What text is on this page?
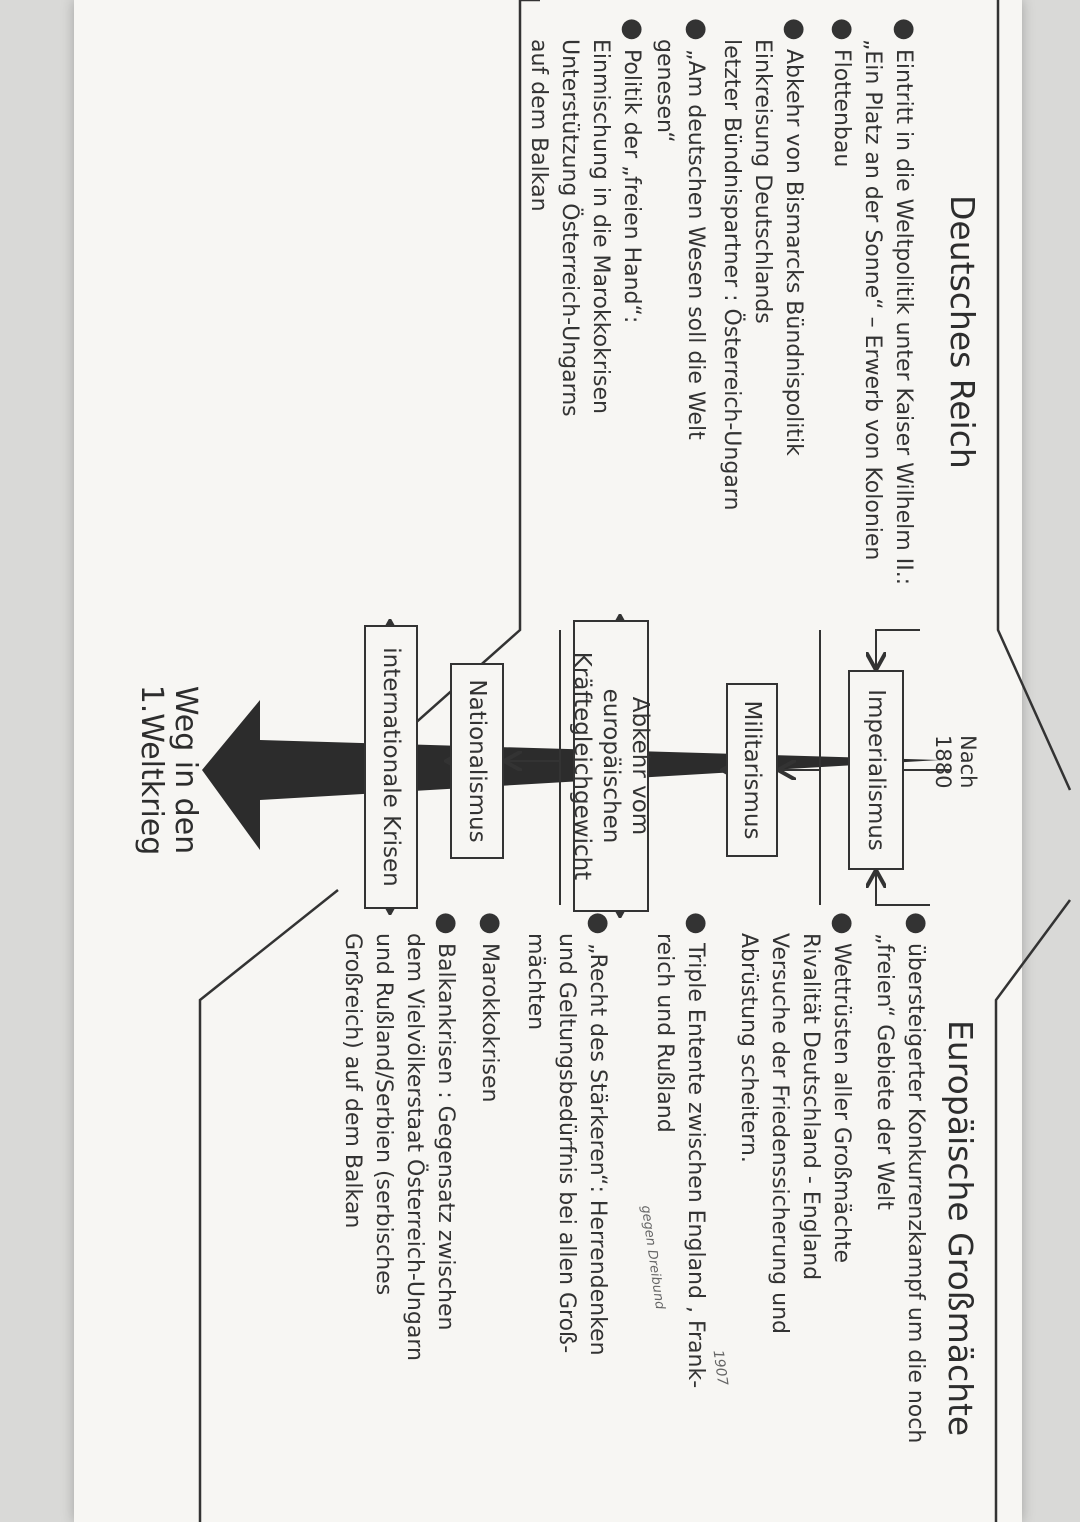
Deutsches Reich
● Eintritt in die Weltpolitik unter Kaiser Wilhelm II.:
„Ein Platz an der Sonne“ – Erwerb von Kolonien
● Flottenbau
● Abkehr von Bismarcks Bündnispolitik
Einkreisung Deutschlands
letzter Bündnispartner : Österreich-Ungarn
● „Am deutschen Wesen soll die Welt
genesen“
● Politik der „freien Hand“:
Einmischung in die Marokkokrisen
Unterstützung Österreich-Ungarns
auf dem Balkan
Nach
1880
Imperialismus
Militarismus
Abkehr vom europäischen
Kräftegleichgewicht
Nationalismus
internationale Krisen
Weg in den
1.Weltkrieg
Europäische Großmächte
● übersteigerter Konkurrenzkampf um die noch
„freien“ Gebiete der Welt
● Wettrüsten aller Großmächte
Rivalität Deutschland - England
Versuche der Friedenssicherung und
Abrüstung scheitern.
● Triple Entente zwischen England , Frank-
reich und Rußland
● „Recht des Stärkeren“: Herrendenken
und Geltungsbedürfnis bei allen Groß-
mächten
● Marokkokrisen
● Balkankrisen : Gegensatz zwischen
dem Vielvölkerstaat Österreich-Ungarn
und Rußland/Serbien (serbisches
Großreich) auf dem Balkan
1907
gegen Dreibund
